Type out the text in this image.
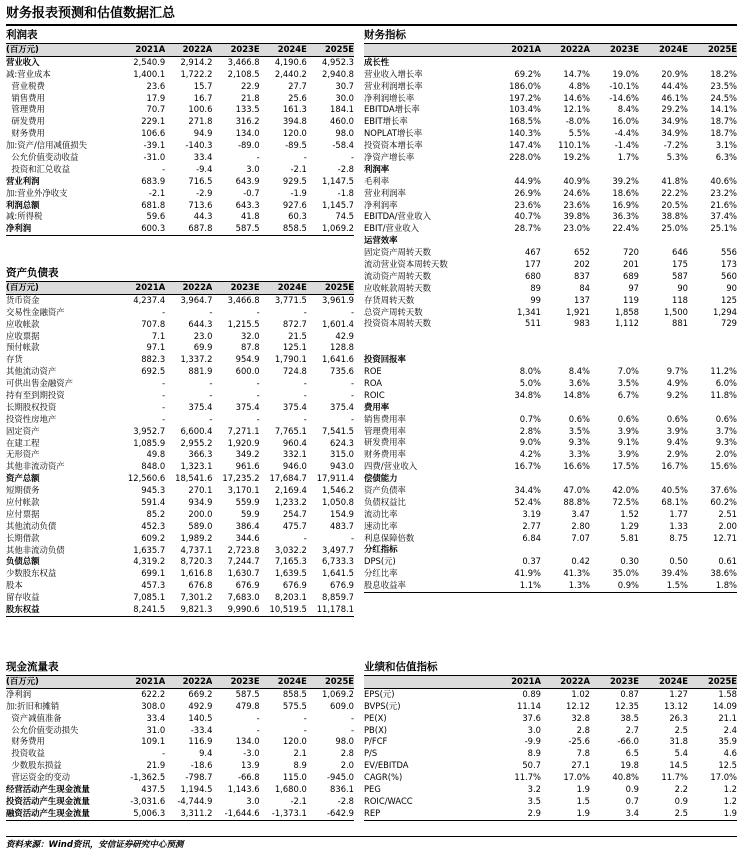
财务报表预测和估值数据汇总
利润表
(百万元)	2021A	2022A	2023E	2024E	2025E
营业收入	2,540.9	2,914.2	3,466.8	4,190.6	4,952.3
减:营业成本	1,400.1	1,722.2	2,108.5	2,440.2	2,940.8
营业税费	23.6	15.7	22.9	27.7	30.7
销售费用	17.9	16.7	21.8	25.6	30.0
管理费用	70.7	100.6	133.5	161.3	184.1
研发费用	229.1	271.8	316.2	394.8	460.0
财务费用	106.6	94.9	134.0	120.0	98.0
加:资产/信用减值损失	-39.1	-140.3	-89.0	-89.5	-58.4
公允价值变动收益	-31.0	33.4	-	-	-
投资和汇兑收益	-	-9.4	3.0	-2.1	-2.8
营业利润	683.9	716.5	643.9	929.5	1,147.5
加:营业外净收支	-2.1	-2.9	-0.7	-1.9	-1.8
利润总额	681.8	713.6	643.3	927.6	1,145.7
减:所得税	59.6	44.3	41.8	60.3	74.5
净利润	600.3	687.8	587.5	858.5	1,069.2
资产负债表
(百万元)	2021A	2022A	2023E	2024E	2025E
货币资金	4,237.4	3,964.7	3,466.8	3,771.5	3,961.9
交易性金融资产	-	-	-	-	-
应收帐款	707.8	644.3	1,215.5	872.7	1,601.4
应收票据	7.1	23.0	32.0	21.5	42.9
预付帐款	97.1	69.9	87.8	125.1	128.8
存货	882.3	1,337.2	954.9	1,790.1	1,641.6
其他流动资产	692.5	881.9	600.0	724.8	735.6
可供出售金融资产	-	-	-	-	-
持有至到期投资	-	-	-	-	-
长期股权投资	-	375.4	375.4	375.4	375.4
投资性房地产	-	-	-	-	-
固定资产	3,952.7	6,600.4	7,271.1	7,765.1	7,541.5
在建工程	1,085.9	2,955.2	1,920.9	960.4	624.3
无形资产	49.8	366.3	349.2	332.1	315.0
其他非流动资产	848.0	1,323.1	961.6	946.0	943.0
资产总额	12,560.6	18,541.6	17,235.2	17,684.7	17,911.4
短期债务	945.3	270.1	3,170.1	2,169.4	1,546.2
应付帐款	591.4	934.9	559.9	1,233.2	1,050.8
应付票据	85.2	200.0	59.9	254.7	154.9
其他流动负债	452.3	589.0	386.4	475.7	483.7
长期借款	609.2	1,989.2	344.6	-	-
其他非流动负债	1,635.7	4,737.1	2,723.8	3,032.2	3,497.7
负债总额	4,319.2	8,720.3	7,244.7	7,165.3	6,733.3
少数股东权益	699.1	1,616.8	1,630.7	1,639.5	1,641.5
股本	457.3	676.8	676.9	676.9	676.9
留存收益	7,085.1	7,301.2	7,683.0	8,203.1	8,859.7
股东权益	8,241.5	9,821.3	9,990.6	10,519.5	11,178.1
现金流量表
(百万元)	2021A	2022A	2023E	2024E	2025E
净利润	622.2	669.2	587.5	858.5	1,069.2
加:折旧和摊销	308.0	492.9	479.8	575.5	609.0
资产减值准备	33.4	140.5	-	-	-
公允价值变动损失	31.0	-33.4	-	-	-
财务费用	109.1	116.9	134.0	120.0	98.0
投资收益	-	9.4	-3.0	2.1	2.8
少数股东损益	21.9	-18.6	13.9	8.9	2.0
营运资金的变动	-1,362.5	-798.7	-66.8	115.0	-945.0
经营活动产生现金流量	437.5	1,194.5	1,143.6	1,680.0	836.1
投资活动产生现金流量	-3,031.6	-4,744.9	3.0	-2.1	-2.8
融资活动产生现金流量	5,006.3	3,311.2	-1,644.6	-1,373.1	-642.9
财务指标
2021A	2022A	2023E	2024E	2025E
成长性
营业收入增长率	69.2%	14.7%	19.0%	20.9%	18.2%
营业利润增长率	186.0%	4.8%	-10.1%	44.4%	23.5%
净利润增长率	197.2%	14.6%	-14.6%	46.1%	24.5%
EBITDA增长率	103.4%	12.1%	8.4%	29.2%	14.1%
EBIT增长率	168.5%	-8.0%	16.0%	34.9%	18.7%
NOPLAT增长率	140.3%	5.5%	-4.4%	34.9%	18.7%
投资资本增长率	147.4%	110.1%	-1.4%	-7.2%	3.1%
净资产增长率	228.0%	19.2%	1.7%	5.3%	6.3%
利润率
毛利率	44.9%	40.9%	39.2%	41.8%	40.6%
营业利润率	26.9%	24.6%	18.6%	22.2%	23.2%
净利润率	23.6%	23.6%	16.9%	20.5%	21.6%
EBITDA/营业收入	40.7%	39.8%	36.3%	38.8%	37.4%
EBIT/营业收入	28.7%	23.0%	22.4%	25.0%	25.1%
运营效率
固定资产周转天数	467	652	720	646	556
流动营业资本周转天数	177	202	201	175	173
流动资产周转天数	680	837	689	587	560
应收帐款周转天数	89	84	97	90	90
存货周转天数	99	137	119	118	125
总资产周转天数	1,341	1,921	1,858	1,500	1,294
投资资本周转天数	511	983	1,112	881	729
投资回报率
ROE	8.0%	8.4%	7.0%	9.7%	11.2%
ROA	5.0%	3.6%	3.5%	4.9%	6.0%
ROIC	34.8%	14.8%	6.7%	9.2%	11.8%
费用率
销售费用率	0.7%	0.6%	0.6%	0.6%	0.6%
管理费用率	2.8%	3.5%	3.9%	3.9%	3.7%
研发费用率	9.0%	9.3%	9.1%	9.4%	9.3%
财务费用率	4.2%	3.3%	3.9%	2.9%	2.0%
四费/营业收入	16.7%	16.6%	17.5%	16.7%	15.6%
偿债能力
资产负债率	34.4%	47.0%	42.0%	40.5%	37.6%
负债权益比	52.4%	88.8%	72.5%	68.1%	60.2%
流动比率	3.19	3.47	1.52	1.77	2.51
速动比率	2.77	2.80	1.29	1.33	2.00
利息保障倍数	6.84	7.07	5.81	8.75	12.71
分红指标
DPS(元)	0.37	0.42	0.30	0.50	0.61
分红比率	41.9%	41.3%	35.0%	39.4%	38.6%
股息收益率	1.1%	1.3%	0.9%	1.5%	1.8%
业绩和估值指标
2021A	2022A	2023E	2024E	2025E
EPS(元)	0.89	1.02	0.87	1.27	1.58
BVPS(元)	11.14	12.12	12.35	13.12	14.09
PE(X)	37.6	32.8	38.5	26.3	21.1
PB(X)	3.0	2.8	2.7	2.5	2.4
P/FCF	-9.9	-25.6	-66.0	31.8	35.9
P/S	8.9	7.8	6.5	5.4	4.6
EV/EBITDA	50.7	27.1	19.8	14.5	12.5
CAGR(%)	11.7%	17.0%	40.8%	11.7%	17.0%
PEG	3.2	1.9	0.9	2.2	1.2
ROIC/WACC	3.5	1.5	0.7	0.9	1.2
REP	2.9	1.9	3.4	2.5	1.9
资料来源：Wind资讯，安信证券研究中心预测
